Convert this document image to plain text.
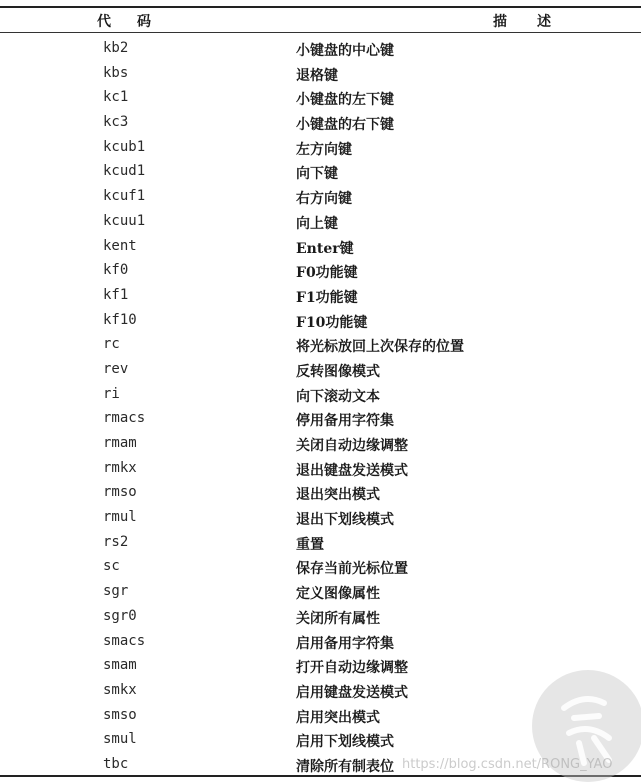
代码	描述
kb2	小键盘的中心键
kbs	退格键
kc1	小键盘的左下键
kc3	小键盘的右下键
kcub1	左方向键
kcud1	向下键
kcuf1	右方向键
kcuu1	向上键
kent	Enter键
kf0	F0功能键
kf1	F1功能键
kf10	F10功能键
rc	将光标放回上次保存的位置
rev	反转图像模式
ri	向下滚动文本
rmacs	停用备用字符集
rmam	关闭自动边缘调整
rmkx	退出键盘发送模式
rmso	退出突出模式
rmul	退出下划线模式
rs2	重置
sc	保存当前光标位置
sgr	定义图像属性
sgr0	关闭所有属性
smacs	启用备用字符集
smam	打开自动边缘调整
smkx	启用键盘发送模式
smso	启用突出模式
smul	启用下划线模式
tbc	清除所有制表位 https://blog.csdn.net/RONG_YAO
